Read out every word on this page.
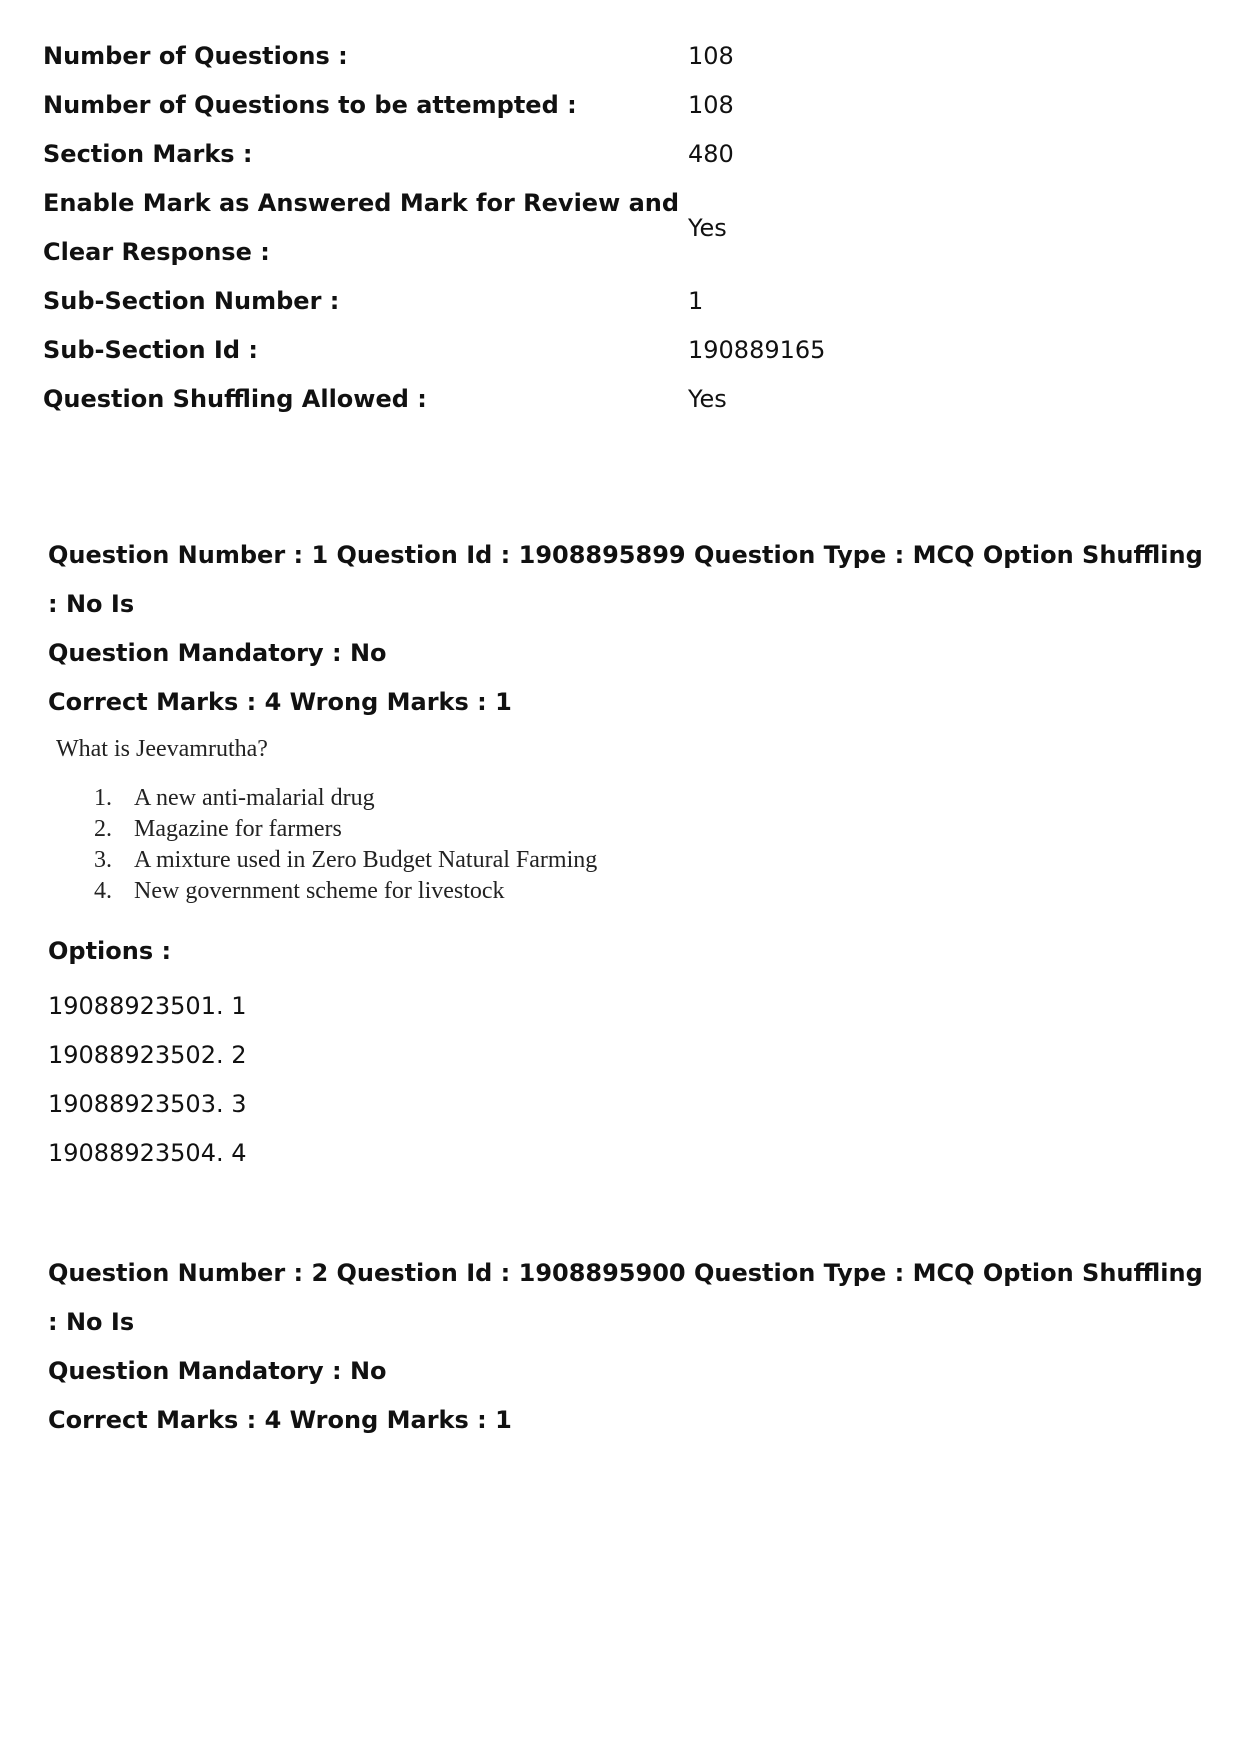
Number of Questions :	108
Number of Questions to be attempted :	108
Section Marks :	480

Enable Mark as Answered Mark for Review and
Clear Response :	Yes
Sub-Section Number :	1
Sub-Section Id :	190889165
Question Shuffling Allowed :	Yes
Question Number : 1 Question Id : 1908895899 Question Type : MCQ Option Shuffling : No Is
Question Mandatory : No
Correct Marks : 4 Wrong Marks : 1

What is Jeevamrutha?

1. A new anti-malarial drug
2. Magazine for farmers
3. A mixture used in Zero Budget Natural Farming
4. New government scheme for livestock
Options :
19088923501.
1
19088923502.
2
19088923503.
3
19088923504.
4
Question Number : 2 Question Id : 1908895900 Question Type : MCQ Option Shuffling : No Is
Question Mandatory : No
Correct Marks : 4 Wrong Marks : 1
